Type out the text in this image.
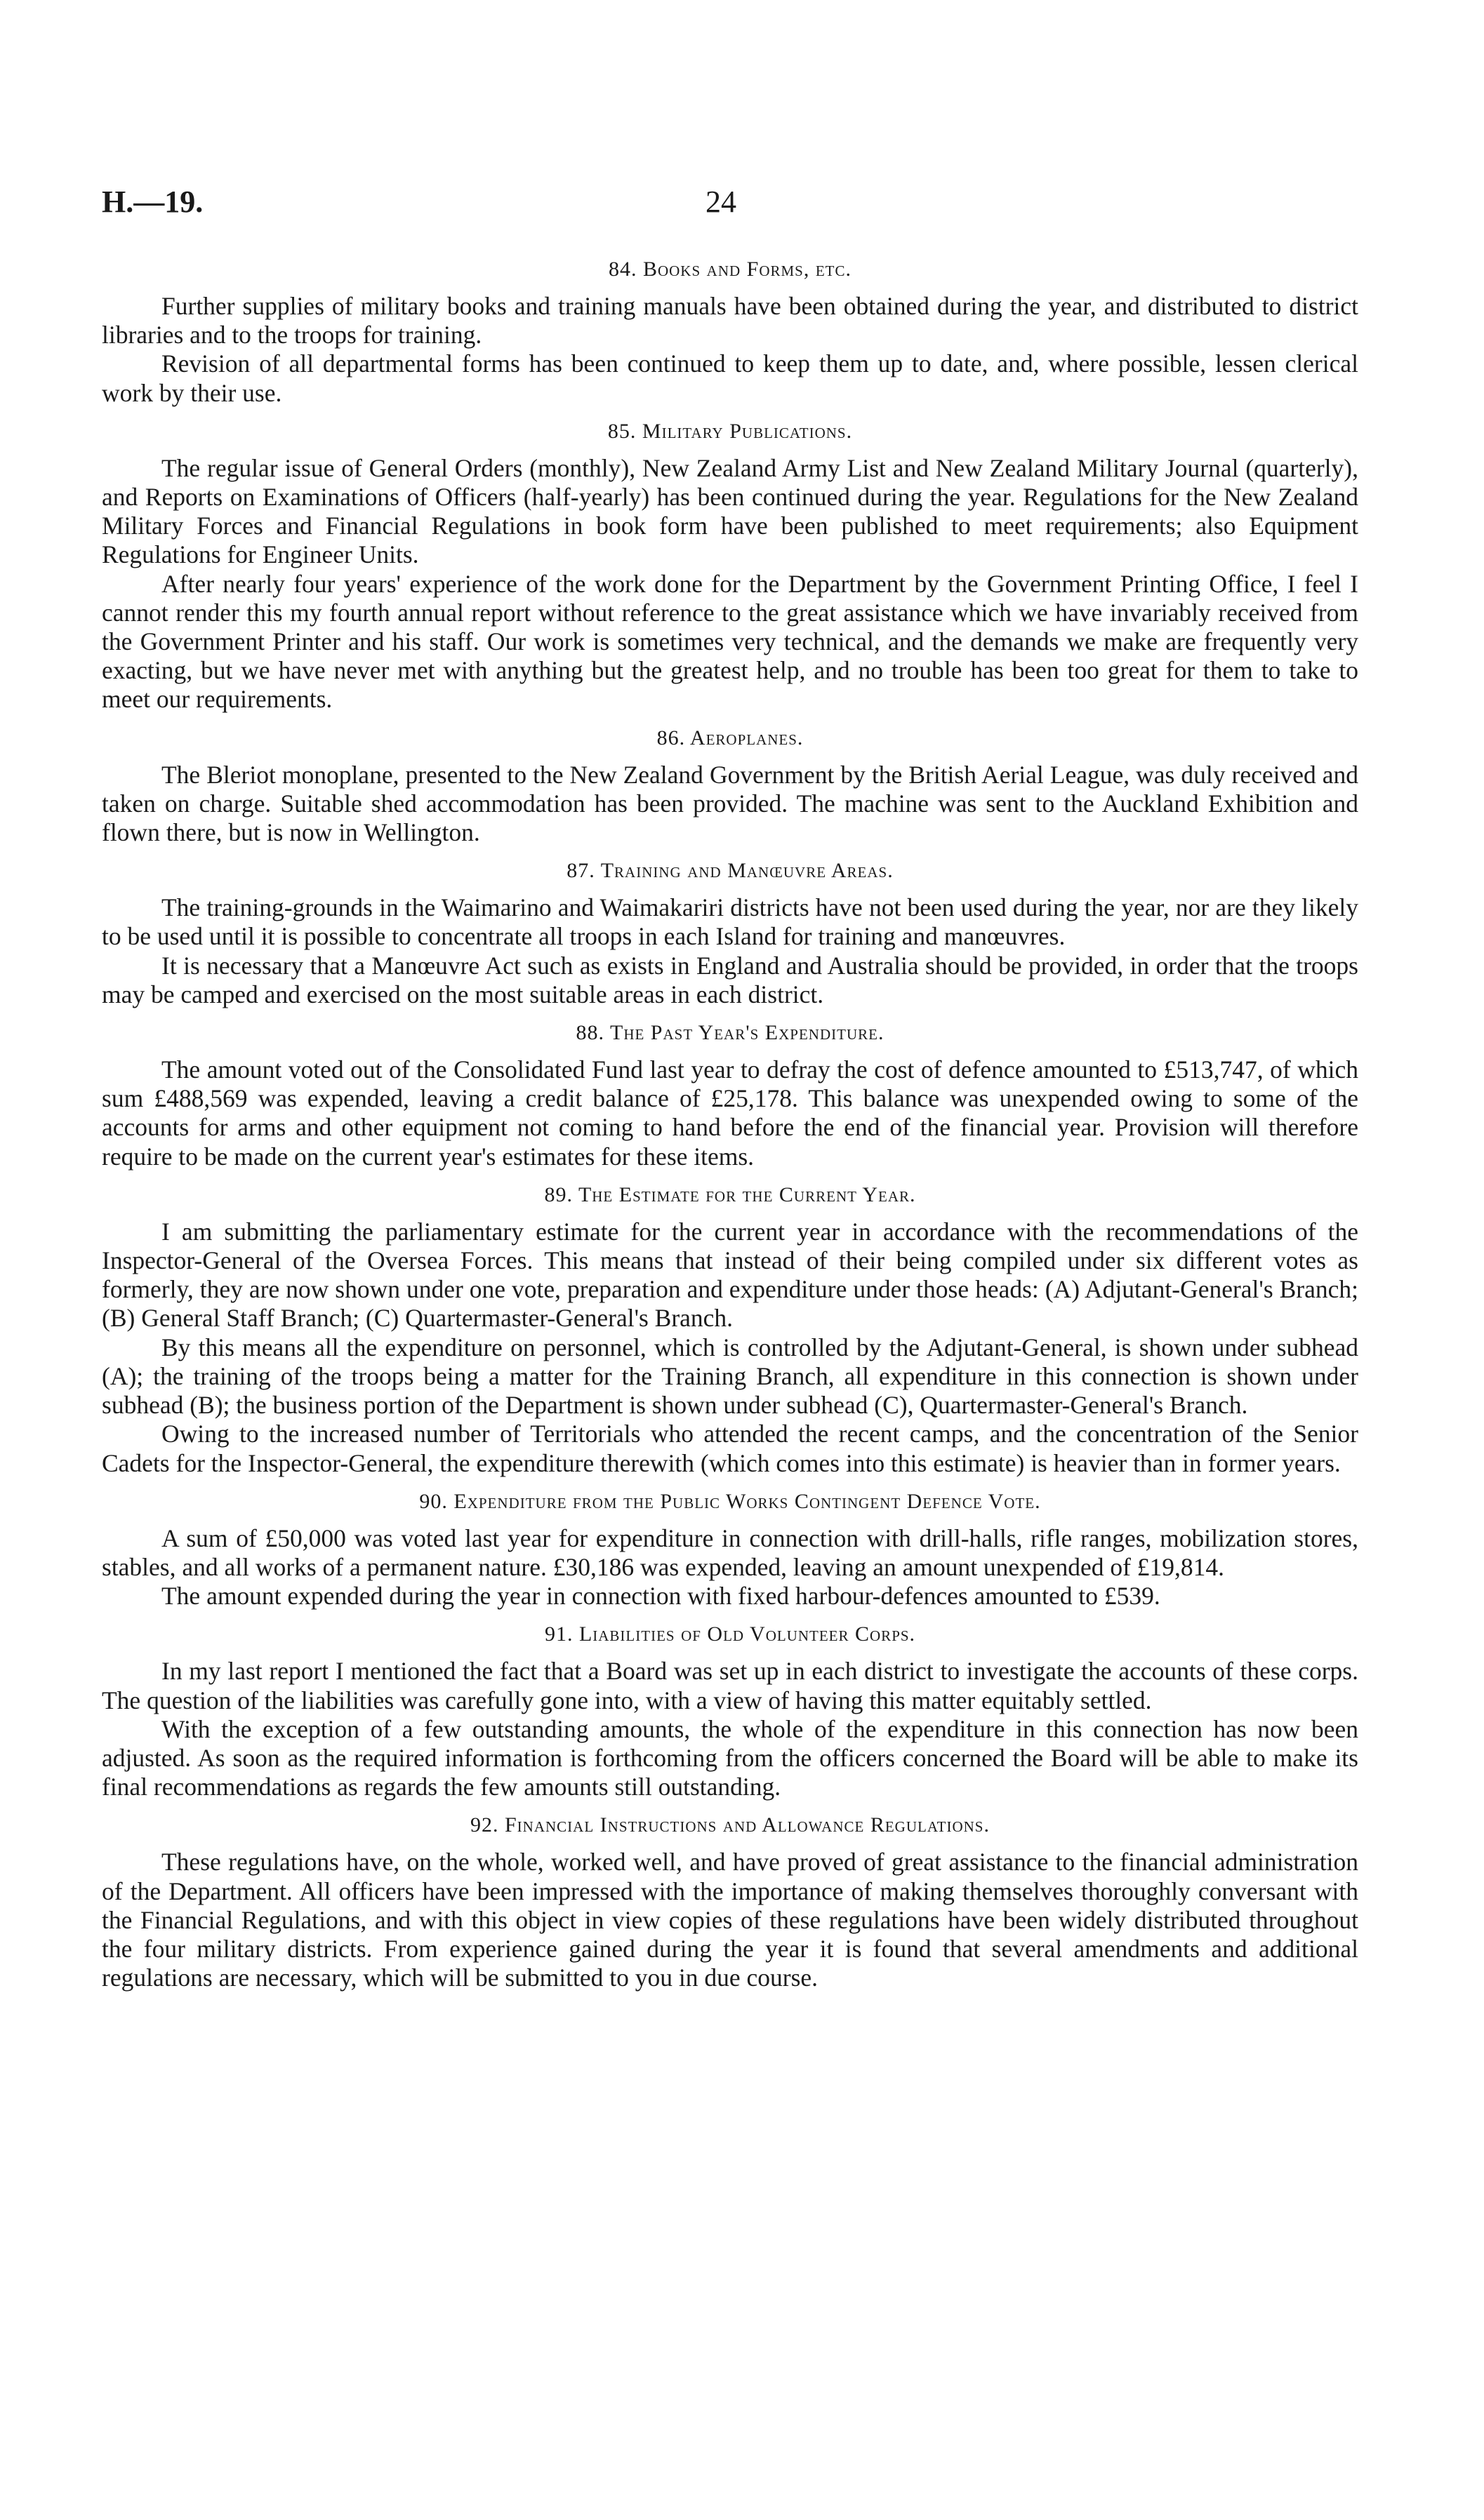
H.—19.	24
84. Books and Forms, etc.

Further supplies of military books and training manuals have been obtained during the year, and distributed to district libraries and to the troops for training.

Revision of all departmental forms has been continued to keep them up to date, and, where possible, lessen clerical work by their use.

85. Military Publications.

The regular issue of General Orders (monthly), New Zealand Army List and New Zealand Military Journal (quarterly), and Reports on Examinations of Officers (half-yearly) has been continued during the year. Regulations for the New Zealand Military Forces and Financial Regulations in book form have been published to meet requirements; also Equipment Regulations for Engineer Units.

After nearly four years' experience of the work done for the Department by the Government Printing Office, I feel I cannot render this my fourth annual report without reference to the great assistance which we have invariably received from the Government Printer and his staff. Our work is sometimes very technical, and the demands we make are frequently very exacting, but we have never met with anything but the greatest help, and no trouble has been too great for them to take to meet our requirements.

86. Aeroplanes.

The Bleriot monoplane, presented to the New Zealand Government by the British Aerial League, was duly received and taken on charge. Suitable shed accommodation has been provided. The machine was sent to the Auckland Exhibition and flown there, but is now in Wellington.

87. Training and Manœuvre Areas.

The training-grounds in the Waimarino and Waimakariri districts have not been used during the year, nor are they likely to be used until it is possible to concentrate all troops in each Island for training and manœuvres.

It is necessary that a Manœuvre Act such as exists in England and Australia should be provided, in order that the troops may be camped and exercised on the most suitable areas in each district.

88. The Past Year's Expenditure.

The amount voted out of the Consolidated Fund last year to defray the cost of defence amounted to £513,747, of which sum £488,569 was expended, leaving a credit balance of £25,178. This balance was unexpended owing to some of the accounts for arms and other equipment not coming to hand before the end of the financial year. Provision will therefore require to be made on the current year's estimates for these items.

89. The Estimate for the Current Year.

I am submitting the parliamentary estimate for the current year in accordance with the recommendations of the Inspector-General of the Oversea Forces. This means that instead of their being compiled under six different votes as formerly, they are now shown under one vote, preparation and expenditure under those heads: (A) Adjutant-General's Branch; (B) General Staff Branch; (C) Quartermaster-General's Branch.

By this means all the expenditure on personnel, which is controlled by the Adjutant-General, is shown under subhead (A); the training of the troops being a matter for the Training Branch, all expenditure in this connection is shown under subhead (B); the business portion of the Department is shown under subhead (C), Quartermaster-General's Branch.

Owing to the increased number of Territorials who attended the recent camps, and the concentration of the Senior Cadets for the Inspector-General, the expenditure therewith (which comes into this estimate) is heavier than in former years.

90. Expenditure from the Public Works Contingent Defence Vote.

A sum of £50,000 was voted last year for expenditure in connection with drill-halls, rifle ranges, mobilization stores, stables, and all works of a permanent nature. £30,186 was expended, leaving an amount unexpended of £19,814.

The amount expended during the year in connection with fixed harbour-defences amounted to £539.

91. Liabilities of Old Volunteer Corps.

In my last report I mentioned the fact that a Board was set up in each district to investigate the accounts of these corps. The question of the liabilities was carefully gone into, with a view of having this matter equitably settled.

With the exception of a few outstanding amounts, the whole of the expenditure in this connection has now been adjusted. As soon as the required information is forthcoming from the officers concerned the Board will be able to make its final recommendations as regards the few amounts still outstanding.

92. Financial Instructions and Allowance Regulations.

These regulations have, on the whole, worked well, and have proved of great assistance to the financial administration of the Department. All officers have been impressed with the importance of making themselves thoroughly conversant with the Financial Regulations, and with this object in view copies of these regulations have been widely distributed throughout the four military districts. From experience gained during the year it is found that several amendments and additional regulations are necessary, which will be submitted to you in due course.
